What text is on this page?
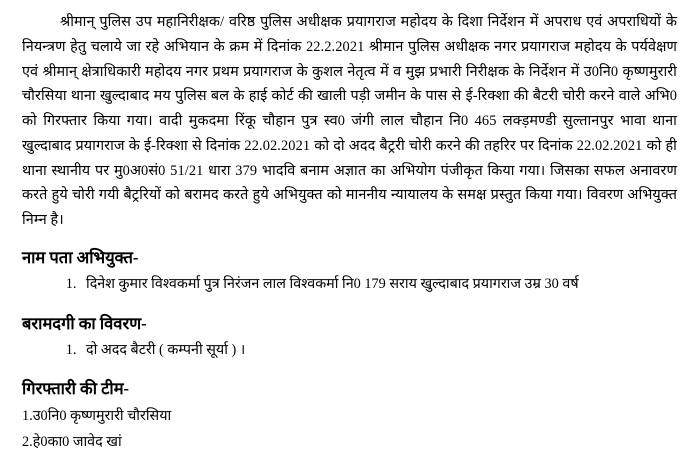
श्रीमान् पुलिस उप महानिरीक्षक/ वरिष्ठ पुलिस अधीक्षक प्रयागराज महोदय के दिशा निर्देशन में अपराध एवं अपराधियों के नियन्त्रण हेतु चलाये जा रहे अभियान के क्रम में दिनांक 22.2.2021 श्रीमान पुलिस अधीक्षक नगर प्रयागराज महोदय के पर्यवेक्षण एवं श्रीमान् क्षेत्राधिकारी महोदय नगर प्रथम प्रयागराज के कुशल नेतृत्व में व मुझ प्रभारी निरीक्षक के निर्देशन में उ0नि0 कृष्णमुरारी चौरसिया थाना खुल्दाबाद मय पुलिस बल के हाई कोर्ट की खाली पड़ी जमीन के पास से ई-रिक्शा की बैटरी चोरी करने वाले अभि0 को गिरफ्तार किया गया। वादी मुकदमा रिंकू चौहान पुत्र स्व0 जंगी लाल चौहान नि0 465 लक्ड़मण्डी सुल्तानपुर भावा थाना खुल्दाबाद प्रयागराज के ई-रिक्शा से दिनांक 22.02.2021 को दो अदद बैट्ररी चोरी करने की तहरिर पर दिनांक 22.02.2021 को ही थाना स्थानीय पर मु0अ0सं0 51/21 धारा 379 भादवि बनाम अज्ञात का अभियोग पंजीकृत किया गया। जिसका सफल अनावरण करते हुये चोरी गयी बैट्ररियों को बरामद करते हुये अभियुक्त को माननीय न्यायालय के समक्ष प्रस्तुत किया गया। विवरण अभियुक्त निम्न है।

नाम पता अभियुक्त-
1. दिनेश कुमार विश्वकर्मा पुत्र निरंजन लाल विश्वकर्मा नि0 179 सराय खुल्दाबाद प्रयागराज उम्र 30 वर्ष
बरामदगी का विवरण-
1. दो अदद बैटरी ( कम्पनी सूर्या ) ।
गिरफ्तारी की टीम-
1.उ0नि0 कृष्णमुरारी चौरसिया
2.हे0का0 जावेद खां
